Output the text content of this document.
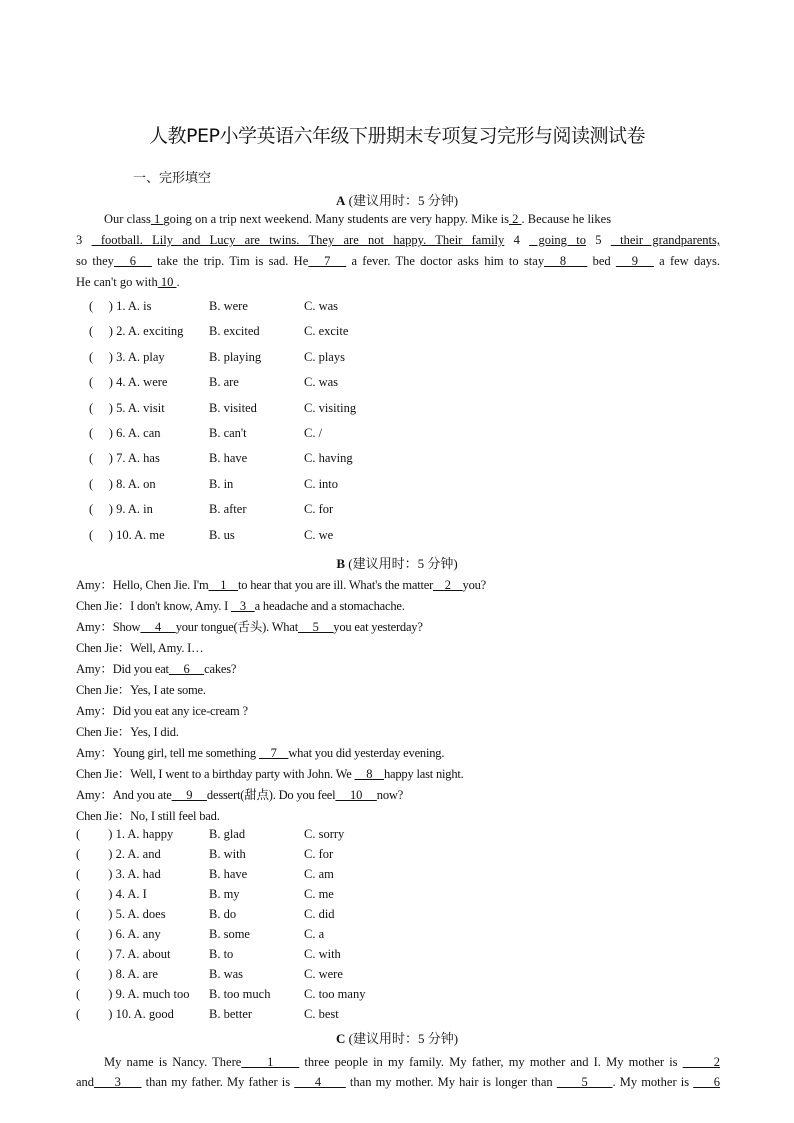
人教PEP小学英语六年级下册期末专项复习完形与阅读测试卷
一、完形填空
A (建议用时：5 分钟)
Our class 1 going on a trip next weekend. Many students are very happy. Mike is 2 . Because he likes
3  football. Lily and Lucy are twins. They are not happy. Their family 4  going to 5  their grandparents,
so they   6    take the trip. Tim is sad. He   7    a fever. The doctor asks him to stay   8     bed    9    a few days.
He can't go with 10 .
(     ) 1. A. is	B. were	C. was
(     ) 2. A. exciting B. excited	C. excite
(     ) 3. A. play	B. playing	C. plays
(     ) 4. A. were	B. are	C. was
(     ) 5. A. visit	B. visited	C. visiting
(     ) 6. A. can	B. can't	C. /
(     ) 7. A. has	B. have	C. having
(     ) 8. A. on	B. in	C. into
(     ) 9. A. in	B. after	C. for
(     ) 10. A. me	B. us	C. we
B (建议用时：5 分钟)
Amy：Hello, Chen Jie. I'm    1    to hear that you are ill. What's the matter    2    you?
Chen Jie：I don't know, Amy. I    3   a headache and a stomachache.
Amy：Show     4     your tongue(舌头). What     5     you eat yesterday?
Chen Jie：Well, Amy. I…
Amy：Did you eat     6     cakes?
Chen Jie：Yes, I ate some.
Amy：Did you eat any ice-cream ?
Chen Jie：Yes, I did.
Amy：Young girl, tell me something     7    what you did yesterday evening.
Chen Jie：Well, I went to a birthday party with John. We     8    happy last night.
Amy：And you ate     9     dessert(甜点). Do you feel     10     now?
Chen Jie：No, I still feel bad.
(         ) 1. A. happy	B. glad	C. sorry
(         ) 2. A. and	B. with	C. for
(         ) 3. A. had	B. have	C. am
(         ) 4. A. I	B. my	C. me
(         ) 5. A. does	B. do	C. did
(         ) 6. A. any	B. some	C. a
(         ) 7. A. about	B. to	C. with
(         ) 8. A. are	B. was	C. were
(         ) 9. A. much too B. too much	C. too many
(         ) 10. A. good	B. better	C. best
C (建议用时：5 分钟)
My name is Nancy. There     1      three people in my family. My father, my mother and I. My mother is       2
and     3      than my father. My father is      4       than my mother. My hair is longer than       5      . My mother is      6
